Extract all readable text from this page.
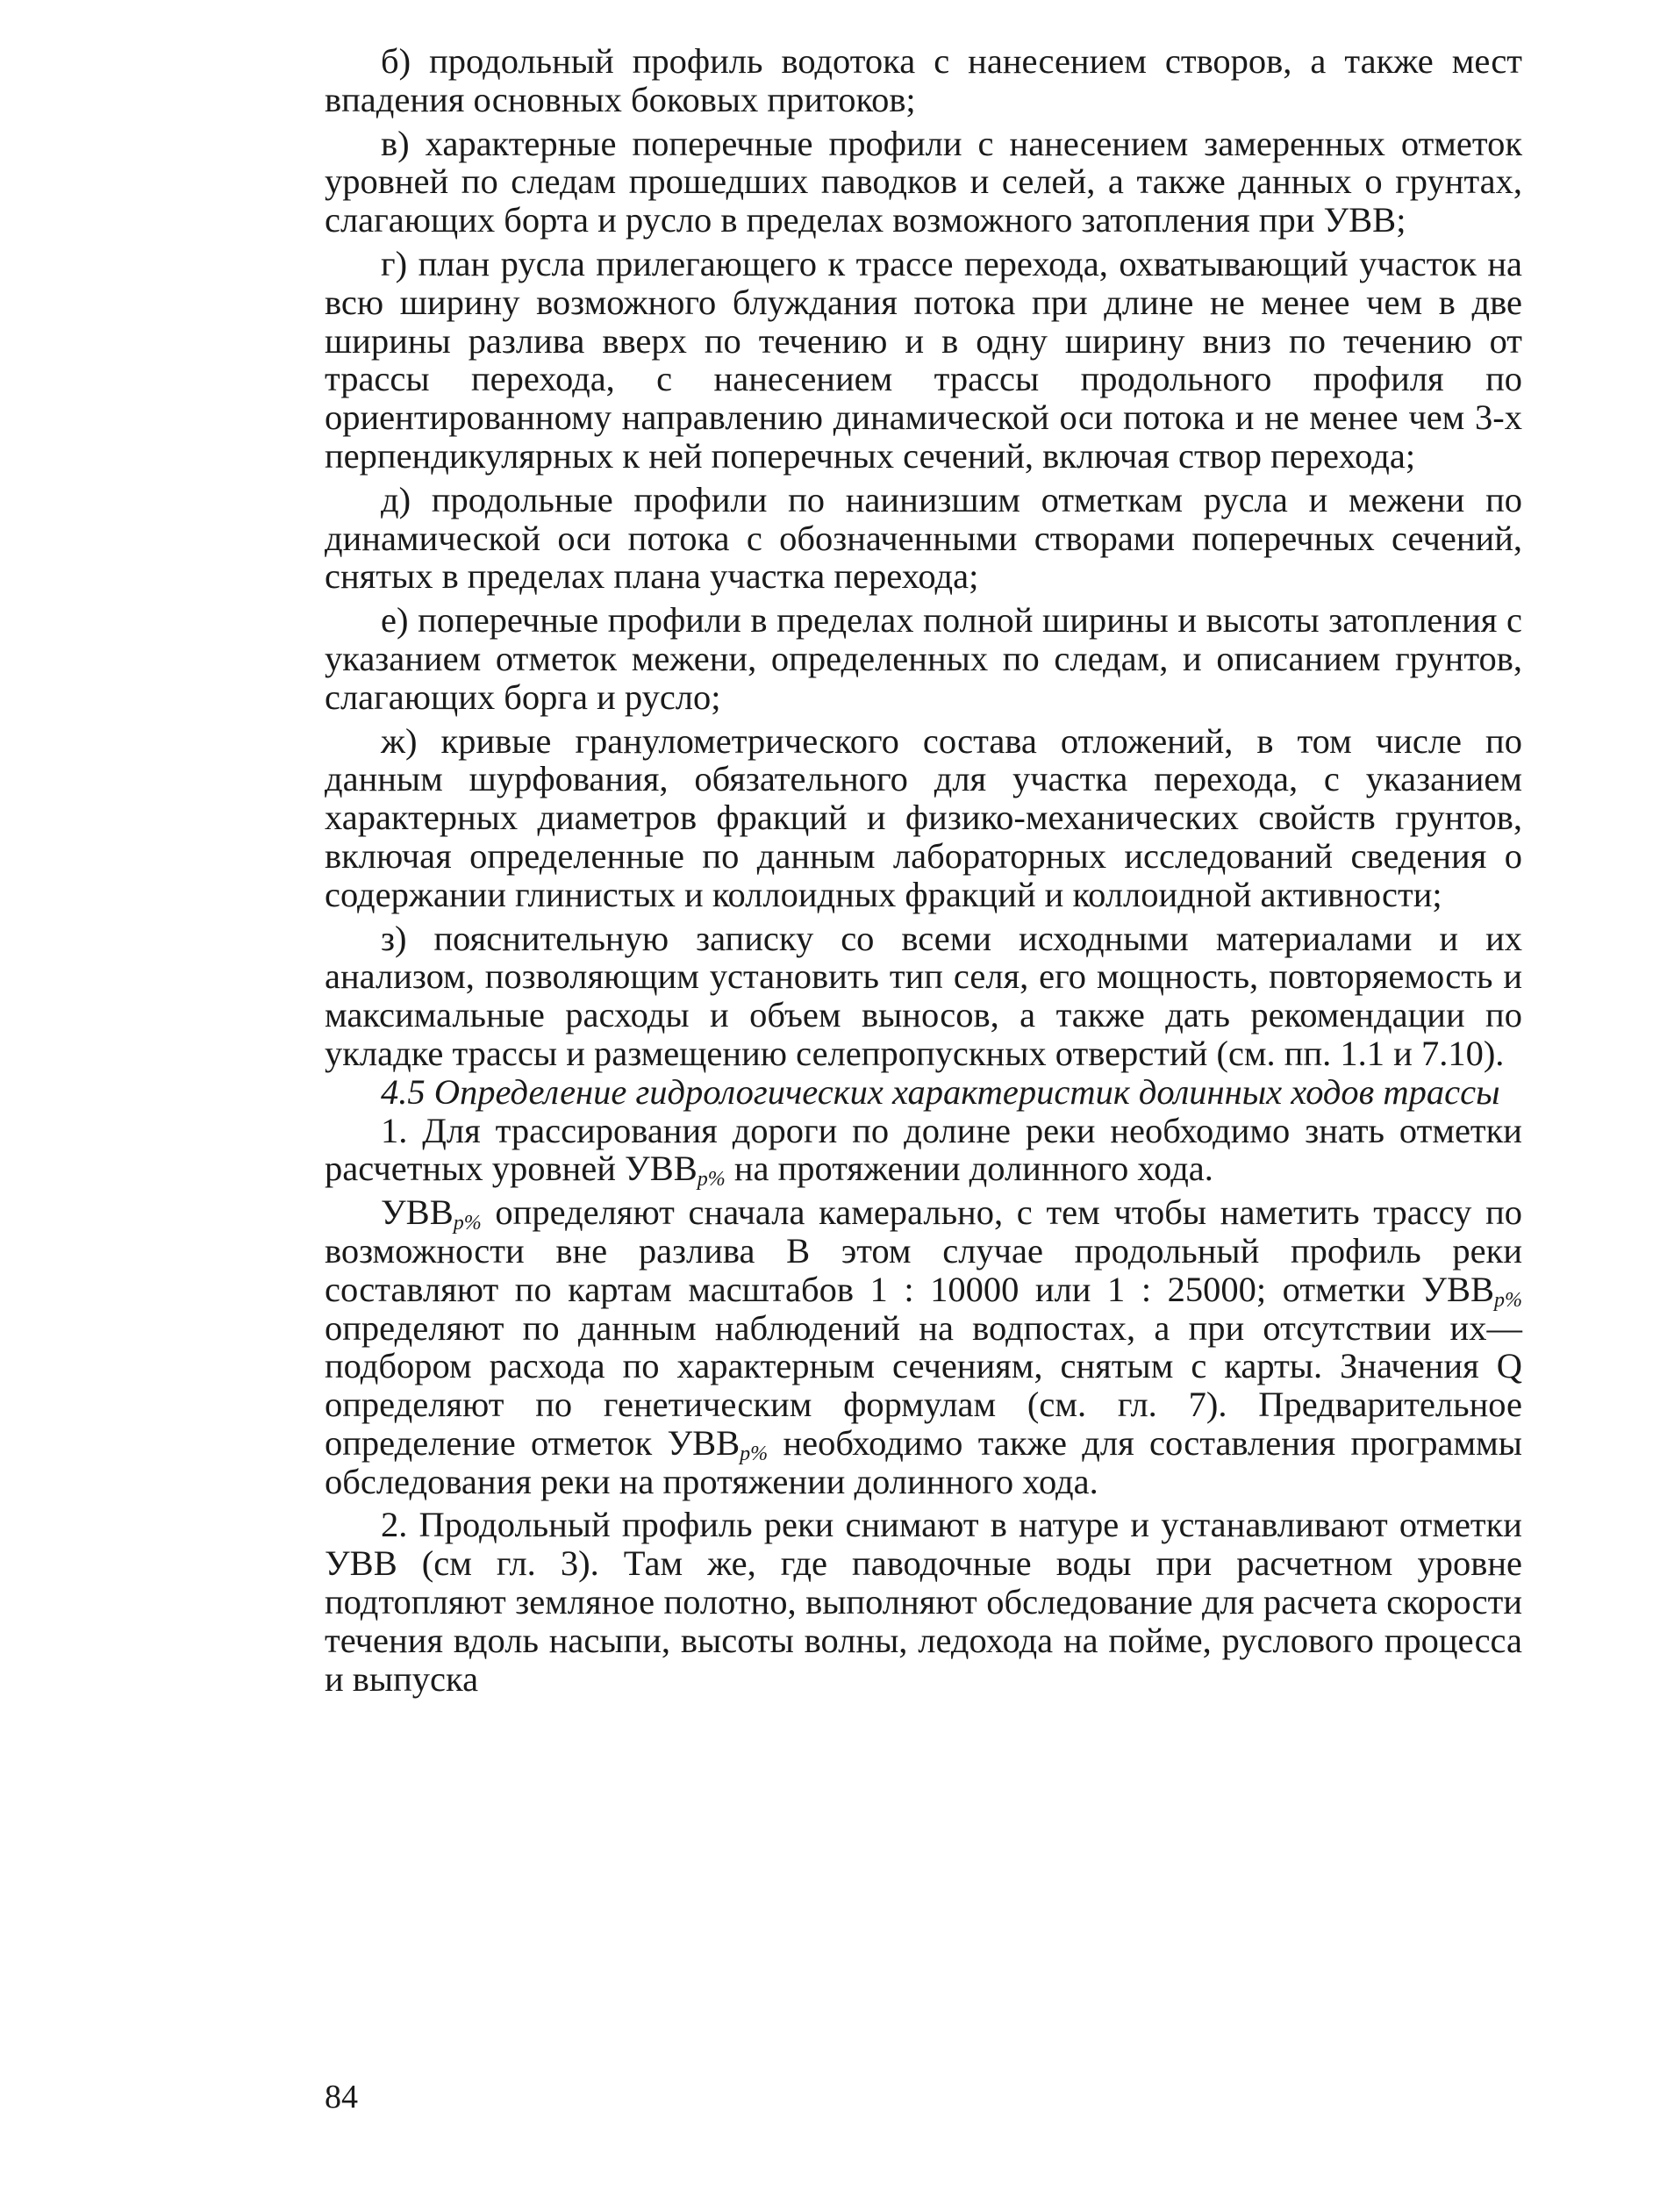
б) продольный профиль водотока с нанесением створов, а также мест впадения основных боковых притоков;

в) характерные поперечные профили с нанесением замеренных отметок уровней по следам прошедших паводков и селей, а также данных о грунтах, слагающих борта и русло в пределах возможного затопления при УВВ;

г) план русла прилегающего к трассе перехода, охватывающий участок на всю ширину возможного блуждания потока при длине не менее чем в две ширины разлива вверх по течению и в одну ширину вниз по течению от трассы перехода, с нанесением трассы продольного профиля по ориентированному направлению динамической оси потока и не менее чем 3-х перпендикулярных к ней поперечных сечений, включая створ перехода;

д) продольные профили по наинизшим отметкам русла и межени по динамической оси потока с обозначенными створами поперечных сечений, снятых в пределах плана участка перехода;

е) поперечные профили в пределах полной ширины и высоты затопления с указанием отметок межени, определенных по следам, и описанием грунтов, слагающих борга и русло;

ж) кривые гранулометрического состава отложений, в том числе по данным шурфования, обязательного для участка перехода, с указанием характерных диаметров фракций и физико-механических свойств грунтов, включая определенные по данным лабораторных исследований сведения о содержании глинистых и коллоидных фракций и коллоидной активности;

з) пояснительную записку со всеми исходными материалами и их анализом, позволяющим установить тип селя, его мощность, повторяемость и максимальные расходы и объем выносов, а также дать рекомендации по укладке трассы и размещению селепропускных отверстий (см. пп. 1.1 и 7.10).

4.5 Определение гидрологических характеристик долинных ходов трассы

1. Для трассирования дороги по долине реки необходимо знать отметки расчетных уровней $УВВ_{p\%}$ на протяжении долинного хода.

$УВВ_{p\%}$ определяют сначала камерально, с тем чтобы наметить трассу по возможности вне разлива В этом случае продольный профиль реки составляют по картам масштабов 1 : 10000 или 1 : 25000; отметки $УВВ_{p\%}$ определяют по данным наблюдений на водпостах, а при отсутствии их—подбором расхода по характерным сечениям, снятым с карты. Значения Q определяют по генетическим формулам (см. гл. 7). Предварительное определение отметок $УВВ_{p\%}$ необходимо также для составления программы обследования реки на протяжении долинного хода.

2. Продольный профиль реки снимают в натуре и устанавливают отметки УВВ (см гл. 3). Там же, где паводочные воды при расчетном уровне подтопляют земляное полотно, выполняют обследование для расчета скорости течения вдоль насыпи, высоты волны, ледохода на пойме, руслового процесса и выпуска

84
